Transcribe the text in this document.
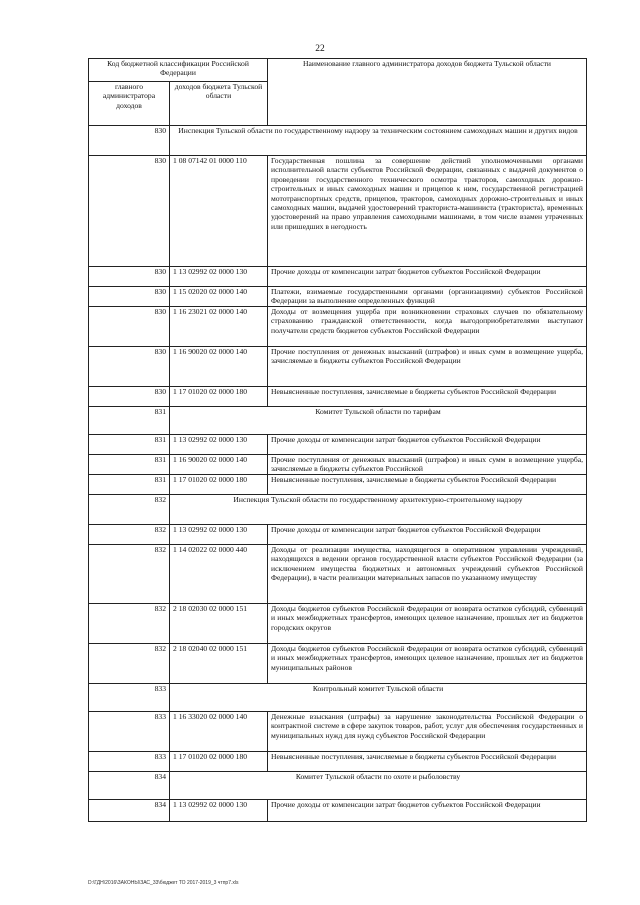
22
Код бюджетной классификации Российской Федерации		Наименование главного администратора доходов бюджета Тульской области
главного администратора доходов	доходов бюджета Тульской области	
830	Инспекция Тульской области по государственному надзору за техническим состоянием самоходных машин и других видов	
830	1 08 07142 01 0000 110	Государственная пошлина за совершение действий уполномоченными органами исполнительной власти субъектов Российской Федерации, связанных с выдачей документов о проведении государственного технического осмотра тракторов, самоходных дорожно-строительных и иных самоходных машин и прицепов к ним, государственной регистрацией мототранспортных средств, прицепов, тракторов, самоходных дорожно-строительных и иных самоходных машин, выдачей удостоверений тракториста-машиниста (тракториста), временных удостоверений на право управления самоходными машинами, в том числе взамен утраченных или пришедших в негодность
830	1 13 02992 02 0000 130	Прочие доходы от компенсации затрат бюджетов субъектов Российской Федерации
830	1 15 02020 02 0000 140	Платежи, взимаемые государственными органами (организациями) субъектов Российской Федерации за выполнение определенных функций
830	1 16 23021 02 0000 140	Доходы от возмещения ущерба при возникновении страховых случаев по обязательному страхованию гражданской ответственности, когда выгодоприобретателями выступают получатели средств бюджетов субъектов Российской Федерации
830	1 16 90020 02 0000 140	Прочие поступления от денежных взысканий (штрафов) и иных сумм в возмещение ущерба, зачисляемые в бюджеты субъектов Российской Федерации
830	1 17 01020 02 0000 180	Невыясненные поступления, зачисляемые в бюджеты субъектов Российской Федерации
831	Комитет Тульской области по тарифам	
831	1 13 02992 02 0000 130	Прочие доходы от компенсации затрат бюджетов субъектов Российской Федерации
831	1 16 90020 02 0000 140	Прочие поступления от денежных взысканий (штрафов) и иных сумм в возмещение ущерба, зачисляемые в бюджеты субъектов Российской
831	1 17 01020 02 0000 180	Невыясненные поступления, зачисляемые в бюджеты субъектов Российской Федерации
832	Инспекция Тульской области по государственному архитектурно-строительному надзору	
832	1 13 02992 02 0000 130	Прочие доходы от компенсации затрат бюджетов субъектов Российской Федерации
832	1 14 02022 02 0000 440	Доходы от реализации имущества, находящегося в оперативном управлении учреждений, находящихся в ведении органов государственной власти субъектов Российской Федерации (за исключением имущества бюджетных и автономных учреждений субъектов Российской Федерации), в части реализации материальных запасов по указанному имуществу
832	2 18 02030 02 0000 151	Доходы бюджетов субъектов Российской Федерации от возврата остатков субсидий, субвенций и иных межбюджетных трансфертов, имеющих целевое назначение, прошлых лет из бюджетов городских округов
832	2 18 02040 02 0000 151	Доходы бюджетов субъектов Российской Федерации от возврата остатков субсидий, субвенций и иных межбюджетных трансфертов, имеющих целевое назначение, прошлых лет из бюджетов муниципальных районов
833	Контрольный комитет Тульской области	
833	1 16 33020 02 0000 140	Денежные взыскания (штрафы) за нарушение законодательства Российской Федерации о контрактной системе в сфере закупок товаров, работ, услуг для обеспечения государственных и муниципальных нужд для нужд субъектов Российской Федерации
833	1 17 01020 02 0000 180	Невыясненные поступления, зачисляемые в бюджеты субъектов Российской Федерации
834	Комитет Тульской области по охоте и рыболовству	
834	1 13 02992 02 0000 130	Прочие доходы от компенсации затрат бюджетов субъектов Российской Федерации
D:\ГДН\2016\ЗАКОНЫ\ЗАС_33\бюджет ТО 2017-2019_3 чтпр7.xls
